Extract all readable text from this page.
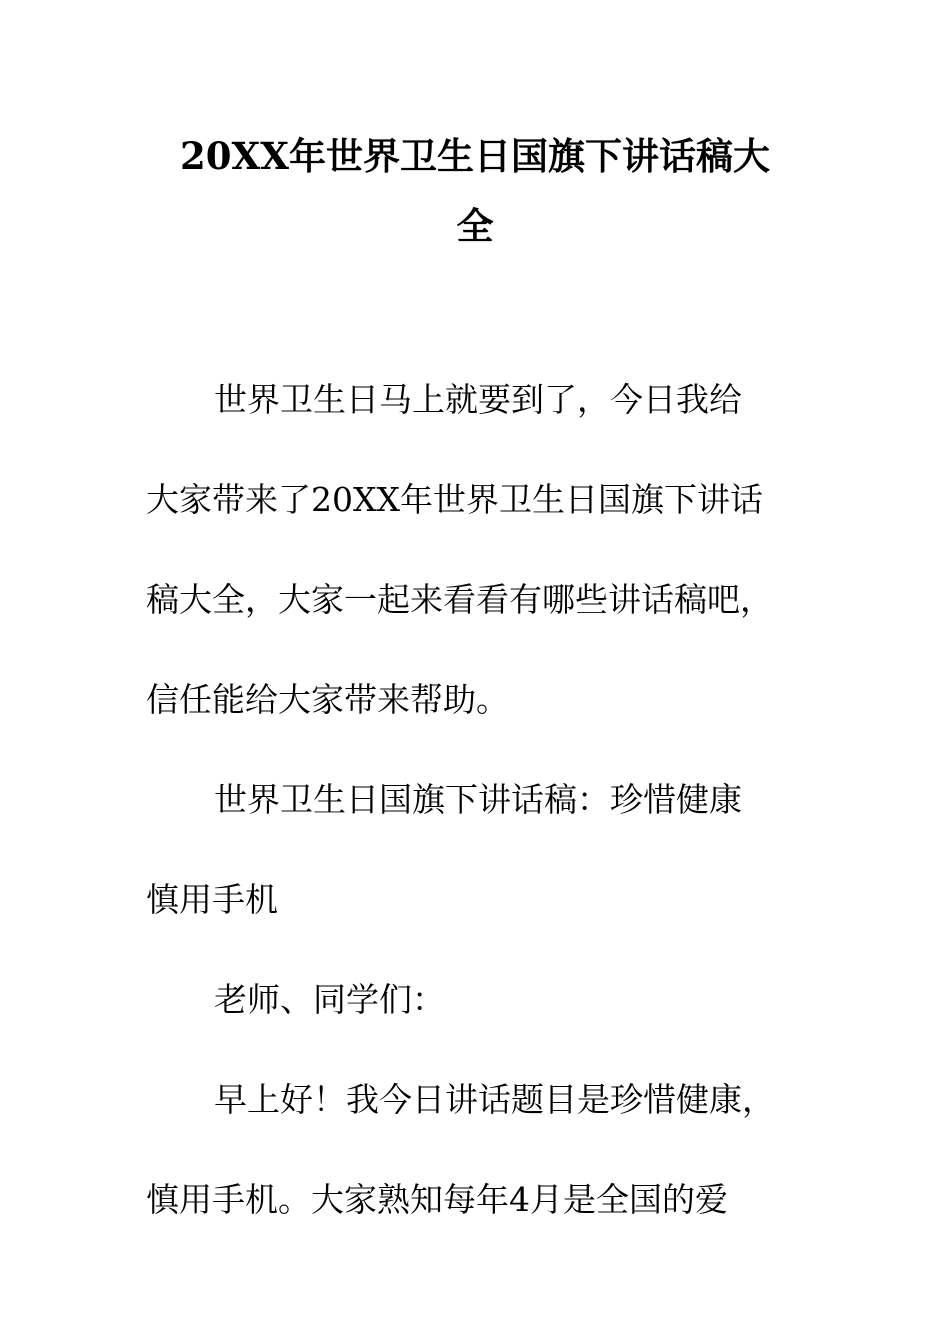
20XX年世界卫生日国旗下讲话稿大
全

世界卫生日马上就要到了，今日我给

大家带来了20XX年世界卫生日国旗下讲话

稿大全，大家一起来看看有哪些讲话稿吧，

信任能给大家带来帮助。

世界卫生日国旗下讲话稿：珍惜健康

慎用手机

老师、同学们：

早上好！我今日讲话题目是珍惜健康，

慎用手机。大家熟知每年4月是全国的爱
